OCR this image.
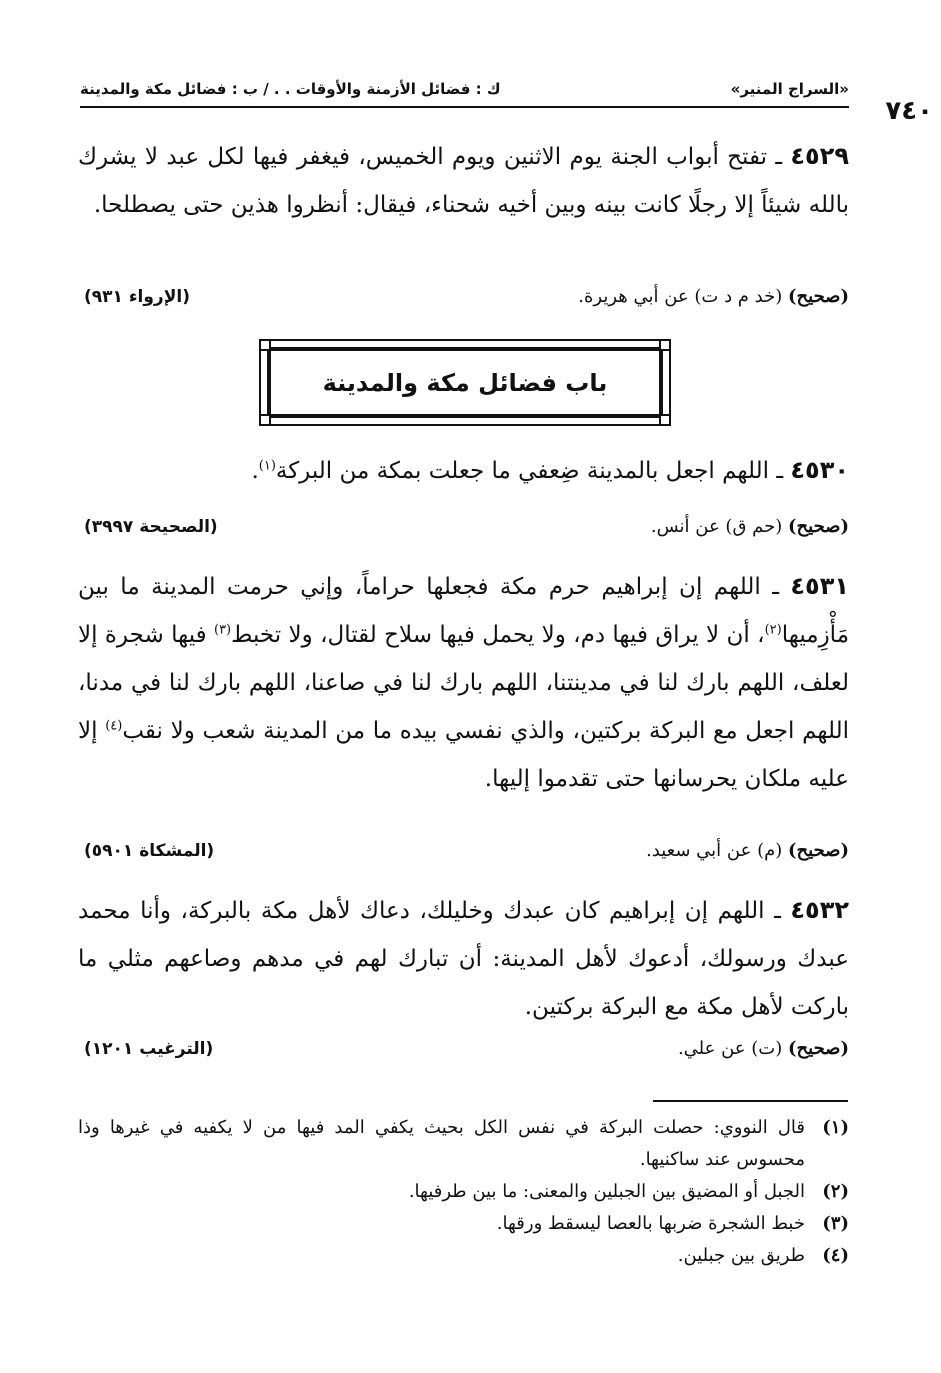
«السراج المنير»
ك : فضائل الأزمنة والأوقات . . / ب : فضائل مكة والمدينة
٧٤٠
٤٥٢٩ ـ تفتح أبواب الجنة يوم الاثنين ويوم الخميس، فيغفر فيها لكل عبد لا يشرك بالله شيئاً إلا رجلًا كانت بينه وبين أخيه شحناء، فيقال: أنظروا هذين حتى يصطلحا.
(صحيح) (خد م د ت) عن أبي هريرة.
(الإرواء ٩٣١)
باب فضائل مكة والمدينة
٤٥٣٠ ـ اللهم اجعل بالمدينة ضِعفي ما جعلت بمكة من البركة$^{(١)}$.
(صحيح) (حم ق) عن أنس.
(الصحيحة ٣٩٩٧)
٤٥٣١ ـ اللهم إن إبراهيم حرم مكة فجعلها حراماً، وإني حرمت المدينة ما بين مَأْزِميها$^{(٢)}$، أن لا يراق فيها دم، ولا يحمل فيها سلاح لقتال، ولا تخبط$^{(٣)}$ فيها شجرة إلا لعلف، اللهم بارك لنا في مدينتنا، اللهم بارك لنا في صاعنا، اللهم بارك لنا في مدنا، اللهم اجعل مع البركة بركتين، والذي نفسي بيده ما من المدينة شعب ولا نقب$^{(٤)}$ إلا عليه ملكان يحرسانها حتى تقدموا إليها.
(صحيح) (م) عن أبي سعيد.
(المشكاة ٥٩٠١)
٤٥٣٢ ـ اللهم إن إبراهيم كان عبدك وخليلك، دعاك لأهل مكة بالبركة، وأنا محمد عبدك ورسولك، أدعوك لأهل المدينة: أن تبارك لهم في مدهم وصاعهم مثلي ما باركت لأهل مكة مع البركة بركتين.
(صحيح) (ت) عن علي.
(الترغيب ١٢٠١)
(١)
قال النووي: حصلت البركة في نفس الكل بحيث يكفي المد فيها من لا يكفيه في غيرها وذا محسوس عند ساكنيها.
(٢)
الجبل أو المضيق بين الجبلين والمعنى: ما بين طرفيها.
(٣)
خبط الشجرة ضربها بالعصا ليسقط ورقها.
(٤)
طريق بين جبلين.
